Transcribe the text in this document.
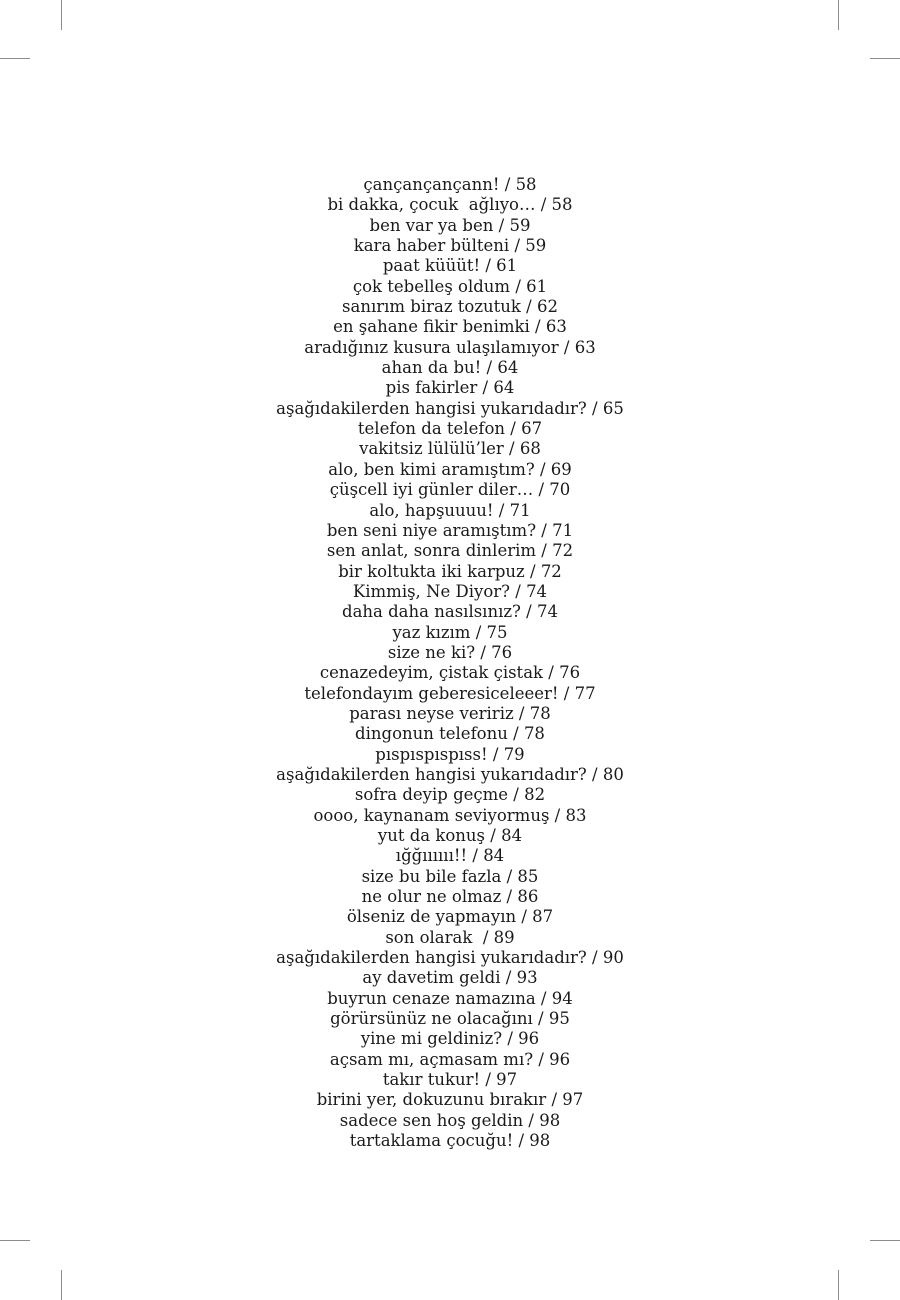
çançançançann! / 58
bi dakka, çocuk  ağlıyo… / 58
ben var ya ben / 59
kara haber bülteni / 59
paat küüüt! / 61
çok tebelleş oldum / 61
sanırım biraz tozutuk / 62
en şahane fikir benimki / 63
aradığınız kusura ulaşılamıyor / 63
ahan da bu! / 64
pis fakirler / 64
aşağıdakilerden hangisi yukarıdadır? / 65
telefon da telefon / 67
vakitsiz lülülü’ler / 68
alo, ben kimi aramıştım? / 69
çüşcell iyi günler diler… / 70
alo, hapşuuuu! / 71
ben seni niye aramıştım? / 71
sen anlat, sonra dinlerim / 72
bir koltukta iki karpuz / 72
Kimmiş, Ne Diyor? / 74
daha daha nasılsınız? / 74
yaz kızım / 75
size ne ki? / 76
cenazedeyim, çistak çistak / 76
telefondayım geberesiceleeer! / 77
parası neyse veririz / 78
dingonun telefonu / 78
pıspıspıspıss! / 79
aşağıdakilerden hangisi yukarıdadır? / 80
sofra deyip geçme / 82
oooo, kaynanam seviyormuş / 83
yut da konuş / 84
ığğıııııı!! / 84
size bu bile fazla / 85
ne olur ne olmaz / 86
ölseniz de yapmayın / 87
son olarak  / 89
aşağıdakilerden hangisi yukarıdadır? / 90
ay davetim geldi / 93
buyrun cenaze namazına / 94
görürsünüz ne olacağını / 95
yine mi geldiniz? / 96
açsam mı, açmasam mı? / 96
takır tukur! / 97
birini yer, dokuzunu bırakır / 97
sadece sen hoş geldin / 98
tartaklama çocuğu! / 98
